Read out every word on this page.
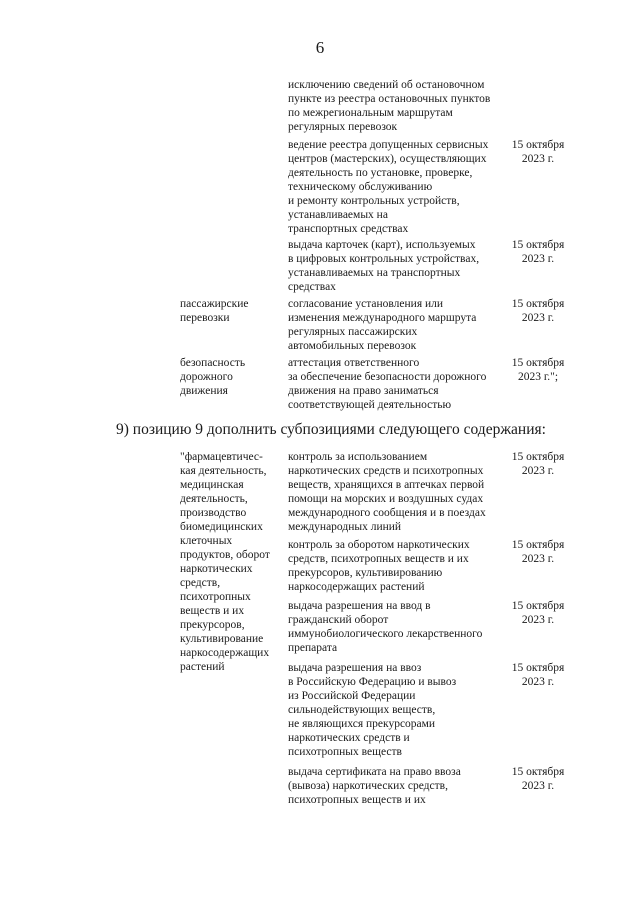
6
исключению сведений об остановочном
пункте из реестра остановочных пунктов
по межрегиональным маршрутам
регулярных перевозок
ведение реестра допущенных сервисных
центров (мастерских), осуществляющих
деятельность по установке, проверке,
техническому обслуживанию
и ремонту контрольных устройств,
устанавливаемых на
транспортных средствах
15 октября
2023 г.
выдача карточек (карт), используемых
в цифровых контрольных устройствах,
устанавливаемых на транспортных
средствах
15 октября
2023 г.
пассажирские
перевозки
согласование установления или
изменения международного маршрута
регулярных пассажирских
автомобильных перевозок
15 октября
2023 г.
безопасность
дорожного
движения
аттестация ответственного
за обеспечение безопасности дорожного
движения на право заниматься
соответствующей деятельностью
15 октября
2023 г.";
9) позицию 9 дополнить субпозициями следующего содержания:
"фармацевтичес-
кая деятельность,
медицинская
деятельность,
производство
биомедицинских
клеточных
продуктов, оборот
наркотических
средств,
психотропных
веществ и их
прекурсоров,
культивирование
наркосодержащих
растений
контроль за использованием
наркотических средств и психотропных
веществ, хранящихся в аптечках первой
помощи на морских и воздушных судах
международного сообщения и в поездах
международных линий
15 октября
2023 г.
контроль за оборотом наркотических
средств, психотропных веществ и их
прекурсоров, культивированию
наркосодержащих растений
15 октября
2023 г.
выдача разрешения на ввод в
гражданский оборот
иммунобиологического лекарственного
препарата
15 октября
2023 г.
выдача разрешения на ввоз
в Российскую Федерацию и вывоз
из Российской Федерации
сильнодействующих веществ,
не являющихся прекурсорами
наркотических средств и
психотропных веществ
15 октября
2023 г.
выдача сертификата на право ввоза
(вывоза) наркотических средств,
психотропных веществ и их
15 октября
2023 г.
